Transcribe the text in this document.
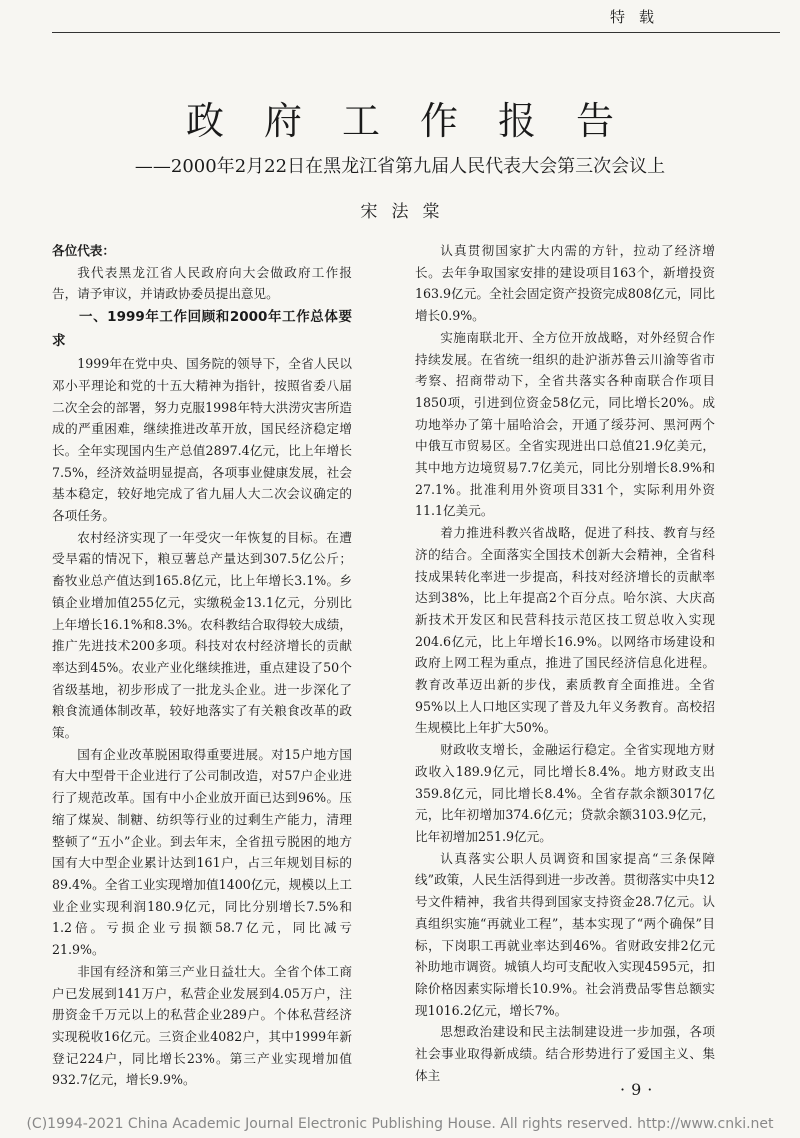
特载
政府工作报告
——2000年2月22日在黑龙江省第九届人民代表大会第三次会议上
宋法棠

各位代表：

我代表黑龙江省人民政府向大会做政府工作报告，请予审议，并请政协委员提出意见。

一、1999年工作回顾和2000年工作总体要求

1999年在党中央、国务院的领导下，全省人民以邓小平理论和党的十五大精神为指针，按照省委八届二次全会的部署，努力克服1998年特大洪涝灾害所造成的严重困难，继续推进改革开放，国民经济稳定增长。全年实现国内生产总值2897.4亿元，比上年增长7.5%，经济效益明显提高，各项事业健康发展，社会基本稳定，较好地完成了省九届人大二次会议确定的各项任务。

农村经济实现了一年受灾一年恢复的目标。在遭受旱霜的情况下，粮豆薯总产量达到307.5亿公斤；畜牧业总产值达到165.8亿元，比上年增长3.1%。乡镇企业增加值255亿元，实缴税金13.1亿元，分别比上年增长16.1%和8.3%。农科教结合取得较大成绩，推广先进技术200多项。科技对农村经济增长的贡献率达到45%。农业产业化继续推进，重点建设了50个省级基地，初步形成了一批龙头企业。进一步深化了粮食流通体制改革，较好地落实了有关粮食改革的政策。

国有企业改革脱困取得重要进展。对15户地方国有大中型骨干企业进行了公司制改造，对57户企业进行了规范改革。国有中小企业放开面已达到96%。压缩了煤炭、制糖、纺织等行业的过剩生产能力，清理整顿了“五小”企业。到去年末，全省扭亏脱困的地方国有大中型企业累计达到161户，占三年规划目标的89.4%。全省工业实现增加值1400亿元，规模以上工业企业实现利润180.9亿元，同比分别增长7.5%和1.2倍。亏损企业亏损额58.7亿元，同比减亏21.9%。

非国有经济和第三产业日益壮大。全省个体工商户已发展到141万户，私营企业发展到4.05万户，注册资金千万元以上的私营企业289户。个体私营经济实现税收16亿元。三资企业4082户，其中1999年新登记224户，同比增长23%。第三产业实现增加值932.7亿元，增长9.9%。

认真贯彻国家扩大内需的方针，拉动了经济增长。去年争取国家安排的建设项目163个，新增投资163.9亿元。全社会固定资产投资完成808亿元，同比增长0.9%。

实施南联北开、全方位开放战略，对外经贸合作持续发展。在省统一组织的赴沪浙苏鲁云川渝等省市考察、招商带动下，全省共落实各种南联合作项目1850项，引进到位资金58亿元，同比增长20%。成功地举办了第十届哈洽会，开通了绥芬河、黑河两个中俄互市贸易区。全省实现进出口总值21.9亿美元，其中地方边境贸易7.7亿美元，同比分别增长8.9%和27.1%。批准利用外资项目331个，实际利用外资11.1亿美元。

着力推进科教兴省战略，促进了科技、教育与经济的结合。全面落实全国技术创新大会精神，全省科技成果转化率进一步提高，科技对经济增长的贡献率达到38%，比上年提高2个百分点。哈尔滨、大庆高新技术开发区和民营科技示范区技工贸总收入实现204.6亿元，比上年增长16.9%。以网络市场建设和政府上网工程为重点，推进了国民经济信息化进程。教育改革迈出新的步伐，素质教育全面推进。全省95%以上人口地区实现了普及九年义务教育。高校招生规模比上年扩大50%。

财政收支增长，金融运行稳定。全省实现地方财政收入189.9亿元，同比增长8.4%。地方财政支出359.8亿元，同比增长8.4%。全省存款余额3017亿元，比年初增加374.6亿元；贷款余额3103.9亿元，比年初增加251.9亿元。

认真落实公职人员调资和国家提高“三条保障线”政策，人民生活得到进一步改善。贯彻落实中央12号文件精神，我省共得到国家支持资金28.7亿元。认真组织实施“再就业工程”，基本实现了“两个确保”目标，下岗职工再就业率达到46%。省财政安排2亿元补助地市调资。城镇人均可支配收入实现4595元，扣除价格因素实际增长10.9%。社会消费品零售总额实现1016.2亿元，增长7%。

思想政治建设和民主法制建设进一步加强，各项社会事业取得新成绩。结合形势进行了爱国主义、集体主

·9·
(C)1994-2021 China Academic Journal Electronic Publishing House. All rights reserved. http://www.cnki.net
